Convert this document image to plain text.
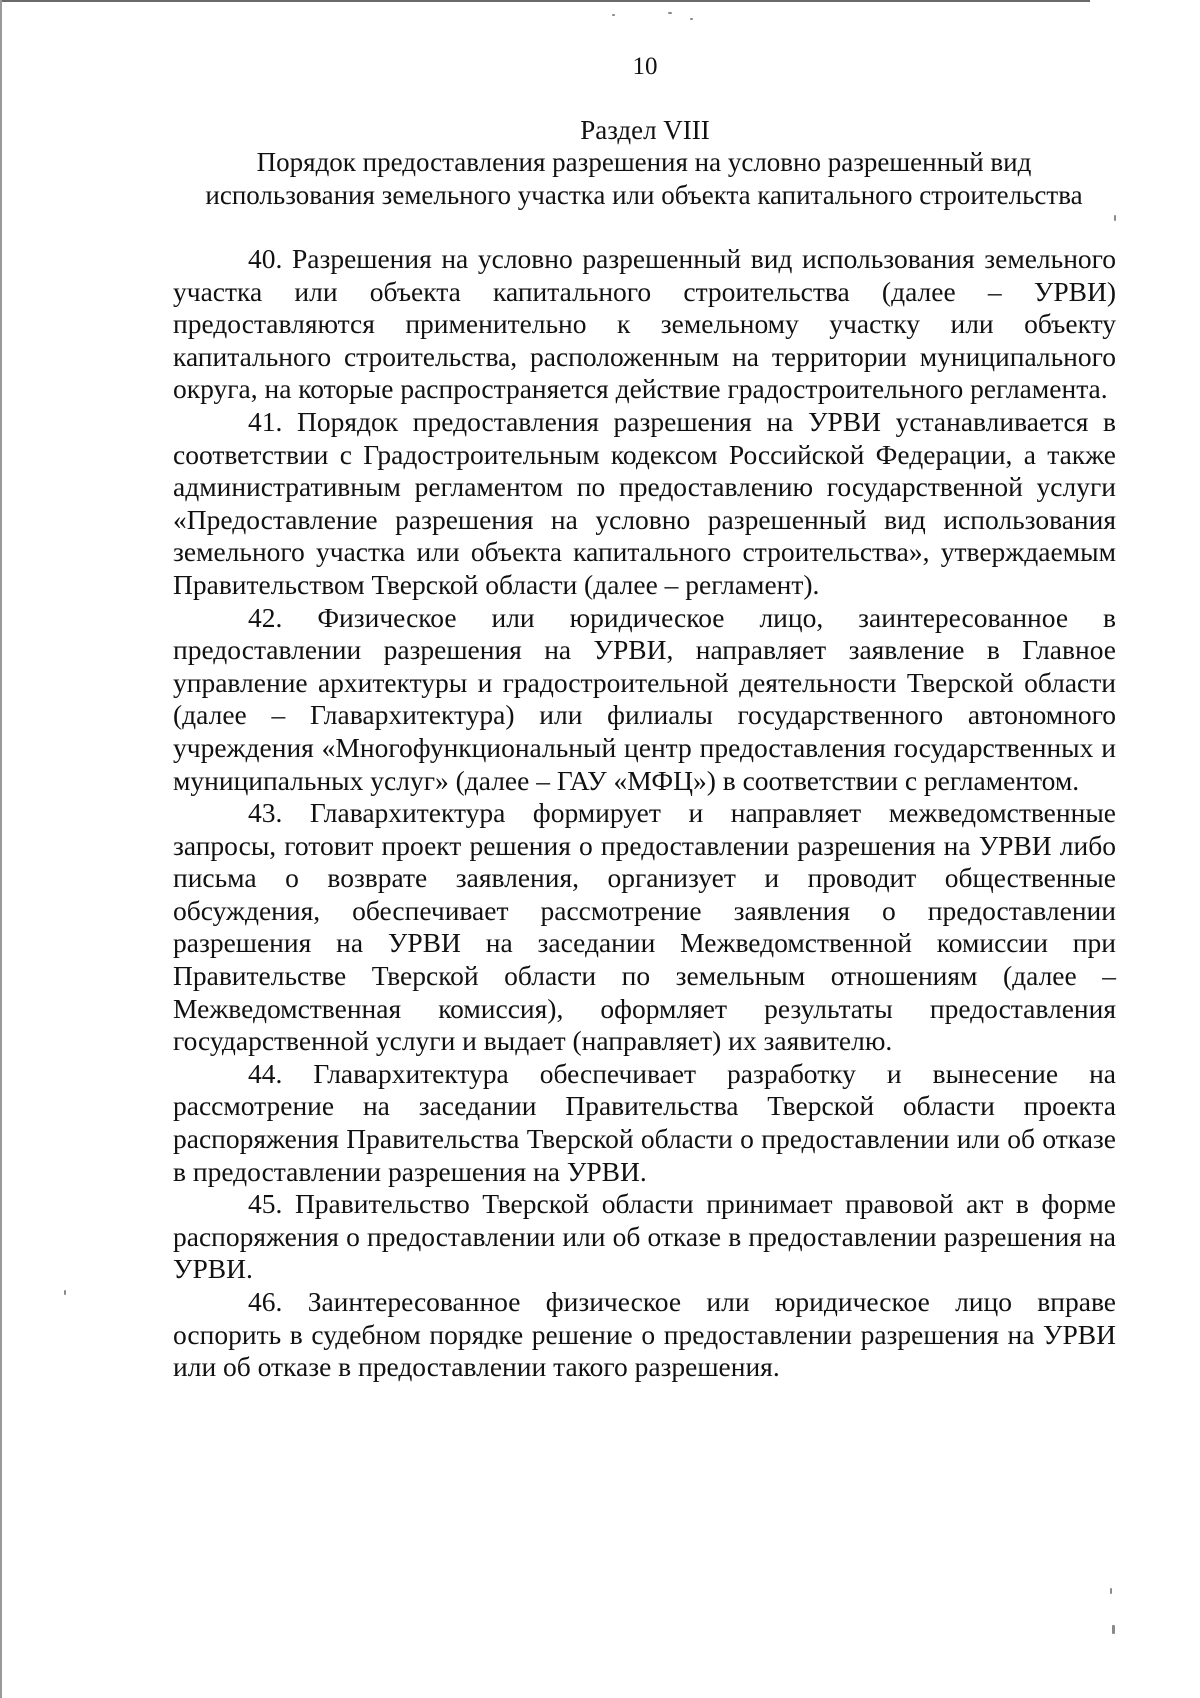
10
Раздел VIII
Порядок предоставления разрешения на условно разрешенный вид использования земельного участка или объекта капитального строительства

40. Разрешения на условно разрешенный вид использования земельного участка или объекта капитального строительства (далее – УРВИ) предоставляются применительно к земельному участку или объекту капитального строительства, расположенным на территории муниципального округа, на которые распространяется действие градостроительного регламента.

41. Порядок предоставления разрешения на УРВИ устанавливается в соответствии с Градостроительным кодексом Российской Федерации, а также административным регламентом по предоставлению государственной услуги «Предоставление разрешения на условно разрешенный вид использования земельного участка или объекта капитального строительства», утверждаемым Правительством Тверской области (далее – регламент).

42. Физическое или юридическое лицо, заинтересованное в предоставлении разрешения на УРВИ, направляет заявление в Главное управление архитектуры и градостроительной деятельности Тверской области (далее – Главархитектура) или филиалы государственного автономного учреждения «Многофункциональный центр предоставления государственных и муниципальных услуг» (далее – ГАУ «МФЦ») в соответствии с регламентом.

43. Главархитектура формирует и направляет межведомственные запросы, готовит проект решения о предоставлении разрешения на УРВИ либо письма о возврате заявления, организует и проводит общественные обсуждения, обеспечивает рассмотрение заявления о предоставлении разрешения на УРВИ на заседании Межведомственной комиссии при Правительстве Тверской области по земельным отношениям (далее – Межведомственная комиссия), оформляет результаты предоставления государственной услуги и выдает (направляет) их заявителю.

44. Главархитектура обеспечивает разработку и вынесение на рассмотрение на заседании Правительства Тверской области проекта распоряжения Правительства Тверской области о предоставлении или об отказе в предоставлении разрешения на УРВИ.

45. Правительство Тверской области принимает правовой акт в форме распоряжения о предоставлении или об отказе в предоставлении разрешения на УРВИ.

46. Заинтересованное физическое или юридическое лицо вправе оспорить в судебном порядке решение о предоставлении разрешения на УРВИ или об отказе в предоставлении такого разрешения.
